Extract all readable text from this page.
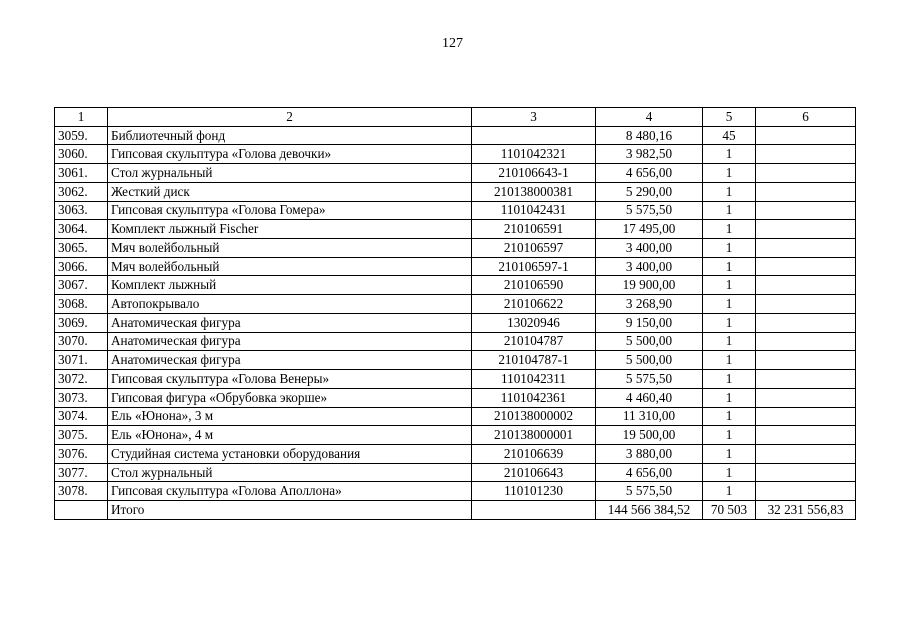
127
1	2	3	4	5	6
3059.	Библиотечный фонд		8 480,16	45	
3060.	Гипсовая скульптура «Голова девочки»	1101042321	3 982,50	1	
3061.	Стол журнальный	210106643-1	4 656,00	1	
3062.	Жесткий диск	210138000381	5 290,00	1	
3063.	Гипсовая скульптура «Голова Гомера»	1101042431	5 575,50	1	
3064.	Комплект лыжный Fischer	210106591	17 495,00	1	
3065.	Мяч волейбольный	210106597	3 400,00	1	
3066.	Мяч волейбольный	210106597-1	3 400,00	1	
3067.	Комплект лыжный	210106590	19 900,00	1	
3068.	Автопокрывало	210106622	3 268,90	1	
3069.	Анатомическая фигура	13020946	9 150,00	1	
3070.	Анатомическая фигура	210104787	5 500,00	1	
3071.	Анатомическая фигура	210104787-1	5 500,00	1	
3072.	Гипсовая скульптура «Голова Венеры»	1101042311	5 575,50	1	
3073.	Гипсовая фигура «Обрубовка экорше»	1101042361	4 460,40	1	
3074.	Ель «Юнона», 3 м	210138000002	11 310,00	1	
3075.	Ель «Юнона», 4 м	210138000001	19 500,00	1	
3076.	Студийная система установки оборудования	210106639	3 880,00	1	
3077.	Стол журнальный	210106643	4 656,00	1	
3078.	Гипсовая скульптура «Голова Аполлона»	110101230	5 575,50	1	
	Итого		144 566 384,52	70 503	32 231 556,83
